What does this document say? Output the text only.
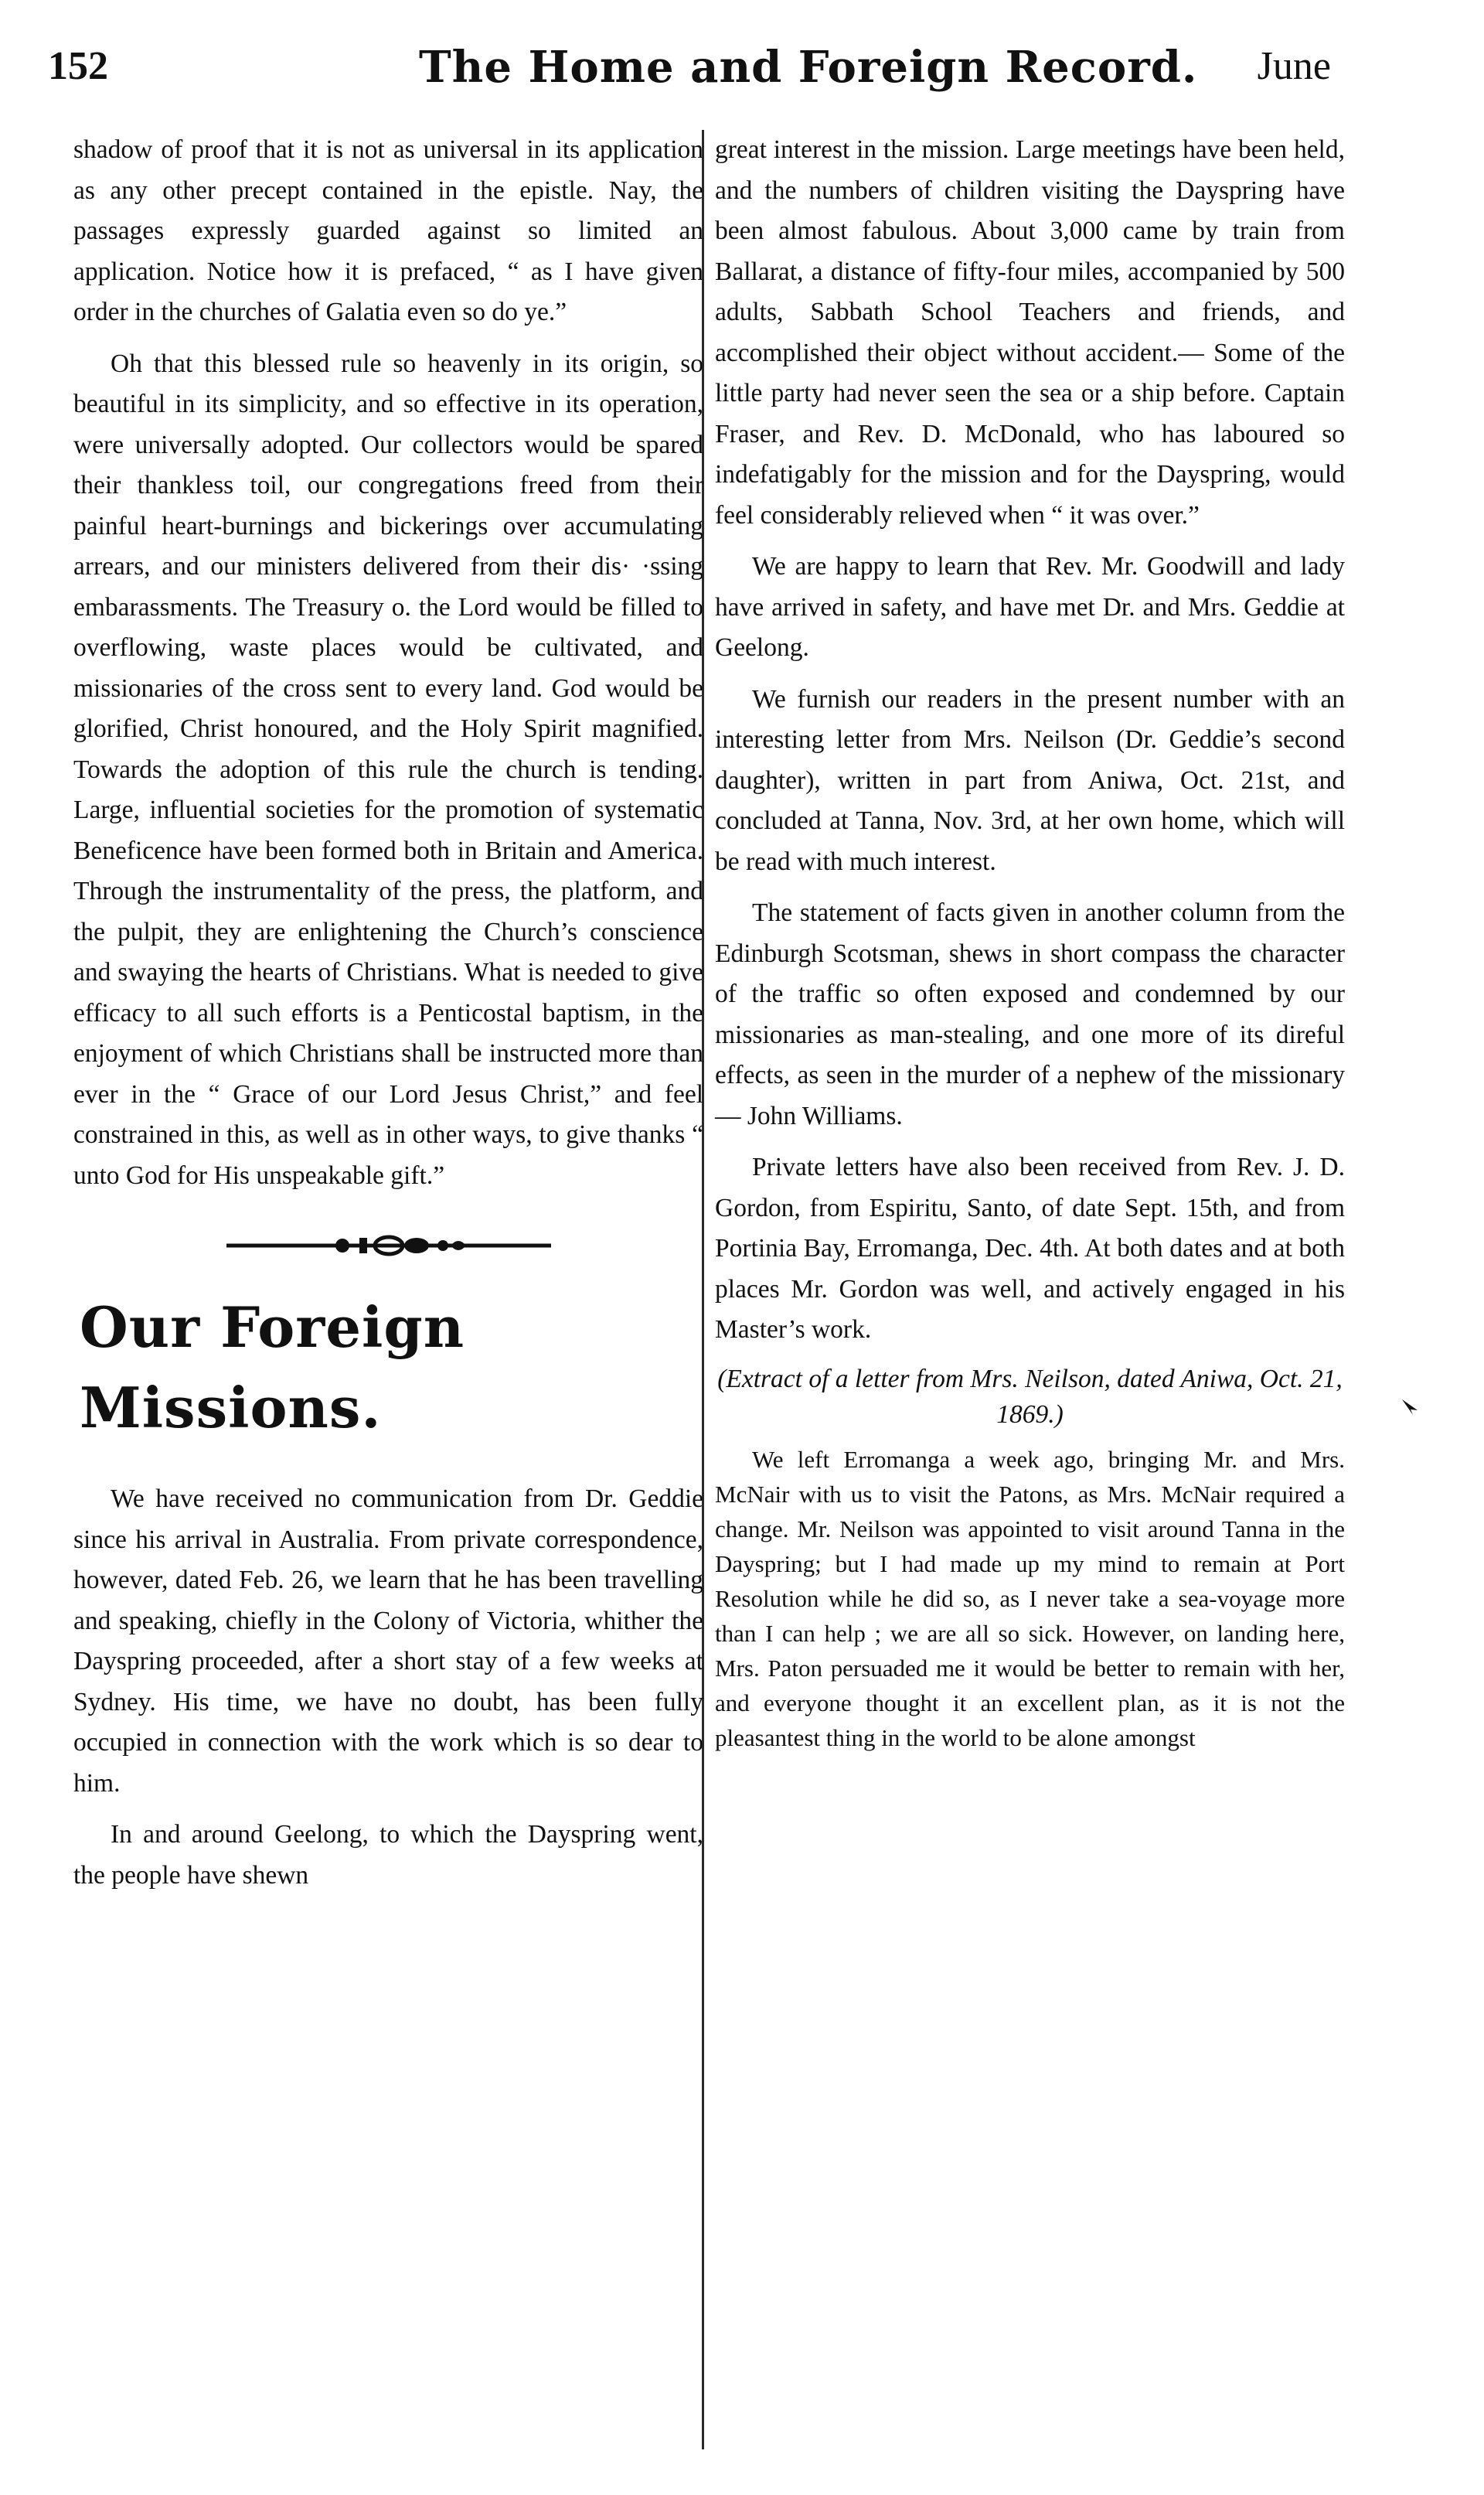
152	The Home and Foreign Record. June

shadow of proof that it is not as universal in its application as any other precept contained in the epistle. Nay, the passages expressly guarded against so limited an application. Notice how it is prefaced, “ as I have given order in the churches of Galatia even so do ye.”

Oh that this blessed rule so heavenly in its origin, so beautiful in its simplicity, and so effective in its operation, were universally adopted. Our collectors would be spared their thankless toil, our congregations freed from their painful heart-burnings and bickerings over accumulating arrears, and our ministers delivered from their dis· ·ssing embarassments. The Treasury o. the Lord would be filled to overflowing, waste places would be cultivated, and missionaries of the cross sent to every land. God would be glorified, Christ honoured, and the Holy Spirit magnified. Towards the adoption of this rule the church is tending. Large, influential societies for the promotion of systematic Beneficence have been formed both in Britain and America. Through the instrumentality of the press, the platform, and the pulpit, they are enlightening the Church’s conscience and swaying the hearts of Christians. What is needed to give efficacy to all such efforts is a Penticostal baptism, in the enjoyment of which Christians shall be instructed more than ever in the “ Grace of our Lord Jesus Christ,” and feel constrained in this, as well as in other ways, to give thanks “ unto God for His unspeakable gift.”

Our Foreign Missions.

We have received no communication from Dr. Geddie since his arrival in Australia. From private correspondence, however, dated Feb. 26, we learn that he has been travelling and speaking, chiefly in the Colony of Victoria, whither the Dayspring proceeded, after a short stay of a few weeks at Sydney. His time, we have no doubt, has been fully occupied in connection with the work which is so dear to him.

In and around Geelong, to which the Dayspring went, the people have shewn

great interest in the mission. Large meetings have been held, and the numbers of children visiting the Dayspring have been almost fabulous. About 3,000 came by train from Ballarat, a distance of fifty-four miles, accompanied by 500 adults, Sabbath School Teachers and friends, and accomplished their object without accident.— Some of the little party had never seen the sea or a ship before. Captain Fraser, and Rev. D. McDonald, who has laboured so indefatigably for the mission and for the Dayspring, would feel considerably relieved when “ it was over.”

We are happy to learn that Rev. Mr. Goodwill and lady have arrived in safety, and have met Dr. and Mrs. Geddie at Geelong.

We furnish our readers in the present number with an interesting letter from Mrs. Neilson (Dr. Geddie’s second daughter), written in part from Aniwa, Oct. 21st, and concluded at Tanna, Nov. 3rd, at her own home, which will be read with much interest.

The statement of facts given in another column from the Edinburgh Scotsman, shews in short compass the character of the traffic so often exposed and condemned by our missionaries as man-stealing, and one more of its direful effects, as seen in the murder of a nephew of the missionary— John Williams.

Private letters have also been received from Rev. J. D. Gordon, from Espiritu, Santo, of date Sept. 15th, and from Portinia Bay, Erromanga, Dec. 4th. At both dates and at both places Mr. Gordon was well, and actively engaged in his Master’s work.

(Extract of a letter from Mrs. Neilson, dated Aniwa, Oct. 21, 1869.)

We left Erromanga a week ago, bringing Mr. and Mrs. McNair with us to visit the Patons, as Mrs. McNair required a change. Mr. Neilson was appointed to visit around Tanna in the Dayspring; but I had made up my mind to remain at Port Resolution while he did so, as I never take a sea-voyage more than I can help ; we are all so sick. However, on landing here, Mrs. Paton persuaded me it would be better to remain with her, and everyone thought it an excellent plan, as it is not the pleasantest thing in the world to be alone amongst
